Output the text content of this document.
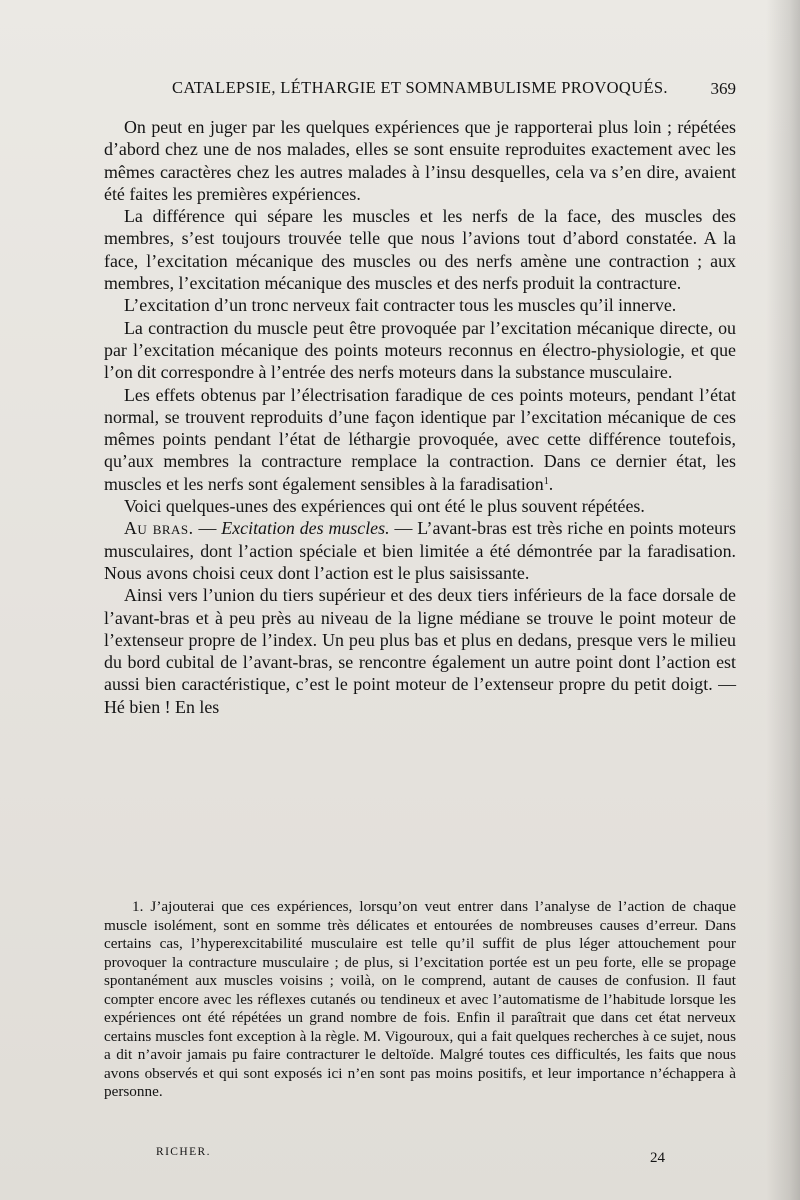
CATALEPSIE, LÉTHARGIE ET SOMNAMBULISME PROVOQUÉS.	369

On peut en juger par les quelques expériences que je rapporterai plus loin ; répétées d’abord chez une de nos malades, elles se sont ensuite reproduites exactement avec les mêmes caractères chez les autres malades à l’insu desquelles, cela va s’en dire, avaient été faites les premières expériences.

La différence qui sépare les muscles et les nerfs de la face, des muscles des membres, s’est toujours trouvée telle que nous l’avions tout d’abord constatée. A la face, l’excitation mécanique des muscles ou des nerfs amène une contraction ; aux membres, l’excitation mécanique des muscles et des nerfs produit la contracture.

L’excitation d’un tronc nerveux fait contracter tous les muscles qu’il innerve.

La contraction du muscle peut être provoquée par l’excitation mécanique directe, ou par l’excitation mécanique des points moteurs reconnus en électro-physiologie, et que l’on dit correspondre à l’entrée des nerfs moteurs dans la substance musculaire.

Les effets obtenus par l’électrisation faradique de ces points moteurs, pendant l’état normal, se trouvent reproduits d’une façon identique par l’excitation mécanique de ces mêmes points pendant l’état de léthargie provoquée, avec cette différence toutefois, qu’aux membres la contracture remplace la contraction. Dans ce dernier état, les muscles et les nerfs sont également sensibles à la faradisation$^1$.

Voici quelques-unes des expériences qui ont été le plus souvent répétées.

Au bras. — Excitation des muscles. — L’avant-bras est très riche en points moteurs musculaires, dont l’action spéciale et bien limitée a été démontrée par la faradisation. Nous avons choisi ceux dont l’action est le plus saisissante.

Ainsi vers l’union du tiers supérieur et des deux tiers inférieurs de la face dorsale de l’avant-bras et à peu près au niveau de la ligne médiane se trouve le point moteur de l’extenseur propre de l’index. Un peu plus bas et plus en dedans, presque vers le milieu du bord cubital de l’avant-bras, se rencontre également un autre point dont l’action est aussi bien caractéristique, c’est le point moteur de l’extenseur propre du petit doigt. — Hé bien ! En les

1. J’ajouterai que ces expériences, lorsqu’on veut entrer dans l’analyse de l’action de chaque muscle isolément, sont en somme très délicates et entourées de nombreuses causes d’erreur. Dans certains cas, l’hyperexcitabilité musculaire est telle qu’il suffit de plus léger attouchement pour provoquer la contracture musculaire ; de plus, si l’excitation portée est un peu forte, elle se propage spontanément aux muscles voisins ; voilà, on le comprend, autant de causes de confusion. Il faut compter encore avec les réflexes cutanés ou tendineux et avec l’automatisme de l’habitude lorsque les expériences ont été répétées un grand nombre de fois. Enfin il paraîtrait que dans cet état nerveux certains muscles font exception à la règle. M. Vigouroux, qui a fait quelques recherches à ce sujet, nous a dit n’avoir jamais pu faire contracturer le deltoïde. Malgré toutes ces difficultés, les faits que nous avons observés et qui sont exposés ici n’en sont pas moins positifs, et leur importance n’échappera à personne.

RICHER.	24
